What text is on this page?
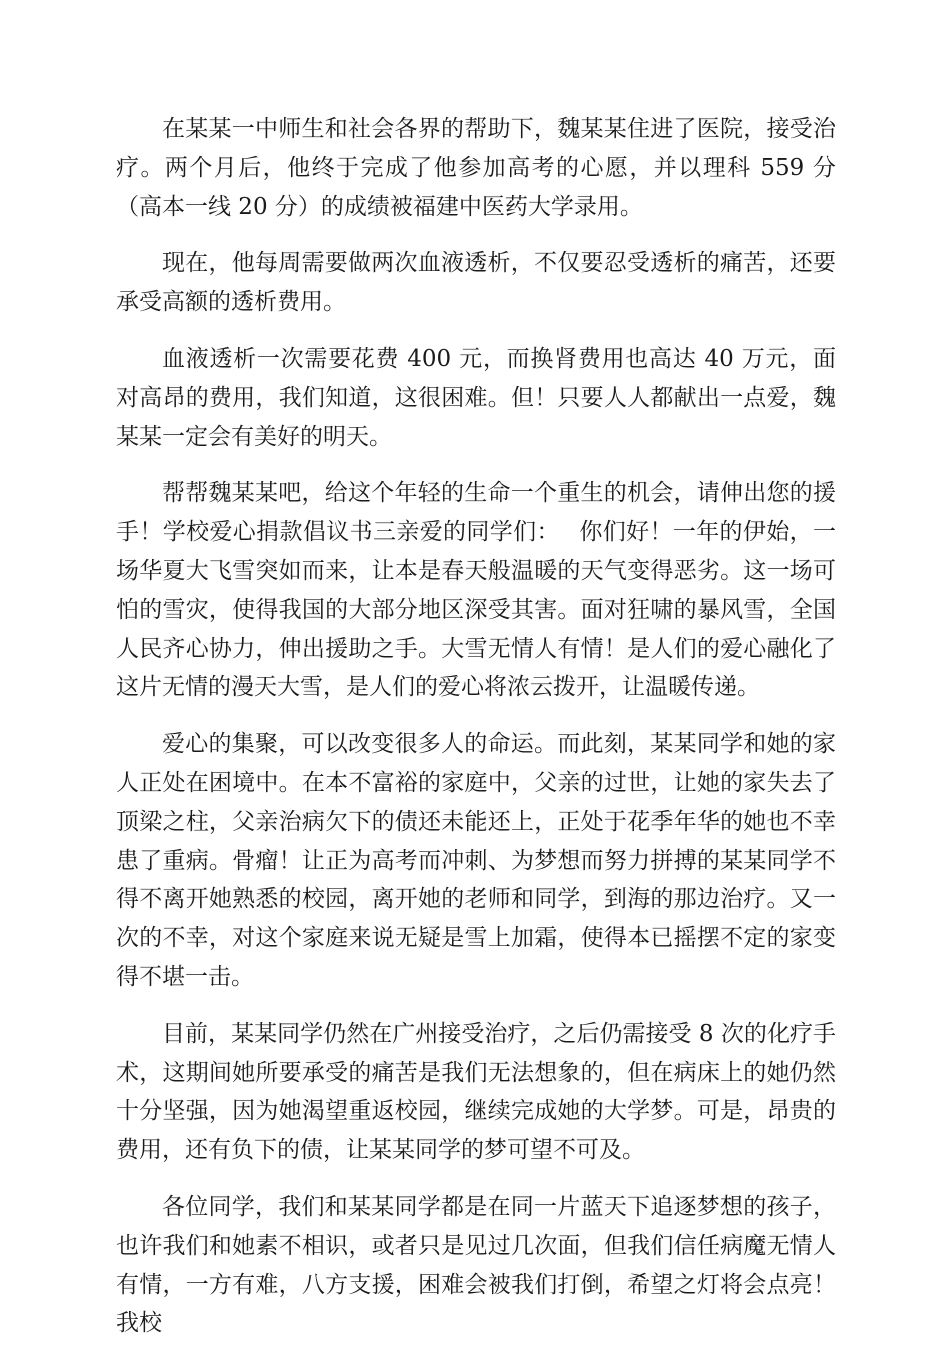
在某某一中师生和社会各界的帮助下，魏某某住进了医院，接受治疗。两个月后，他终于完成了他参加高考的心愿，并以理科 559 分（高本一线 20 分）的成绩被福建中医药大学录用。

现在，他每周需要做两次血液透析，不仅要忍受透析的痛苦，还要承受高额的透析费用。

血液透析一次需要花费 400 元，而换肾费用也高达 40 万元，面对高昂的费用，我们知道，这很困难。但！只要人人都献出一点爱，魏某某一定会有美好的明天。

帮帮魏某某吧，给这个年轻的生命一个重生的机会，请伸出您的援手！学校爱心捐款倡议书三亲爱的同学们：　 你们好！一年的伊始，一场华夏大飞雪突如而来，让本是春天般温暖的天气变得恶劣。这一场可怕的雪灾，使得我国的大部分地区深受其害。面对狂啸的暴风雪，全国人民齐心协力，伸出援助之手。大雪无情人有情！是人们的爱心融化了这片无情的漫天大雪，是人们的爱心将浓云拨开，让温暖传递。

爱心的集聚，可以改变很多人的命运。而此刻，某某同学和她的家人正处在困境中。在本不富裕的家庭中，父亲的过世，让她的家失去了顶梁之柱，父亲治病欠下的债还未能还上，正处于花季年华的她也不幸患了重病。骨瘤！让正为高考而冲刺、为梦想而努力拼搏的某某同学不得不离开她熟悉的校园，离开她的老师和同学，到海的那边治疗。又一次的不幸，对这个家庭来说无疑是雪上加霜，使得本已摇摆不定的家变得不堪一击。

目前，某某同学仍然在广州接受治疗，之后仍需接受 8 次的化疗手术，这期间她所要承受的痛苦是我们无法想象的，但在病床上的她仍然十分坚强，因为她渴望重返校园，继续完成她的大学梦。可是，昂贵的费用，还有负下的债，让某某同学的梦可望不可及。

各位同学，我们和某某同学都是在同一片蓝天下追逐梦想的孩子，也许我们和她素不相识，或者只是见过几次面，但我们信任病魔无情人有情，一方有难，八方支援，困难会被我们打倒，希望之灯将会点亮！我校
